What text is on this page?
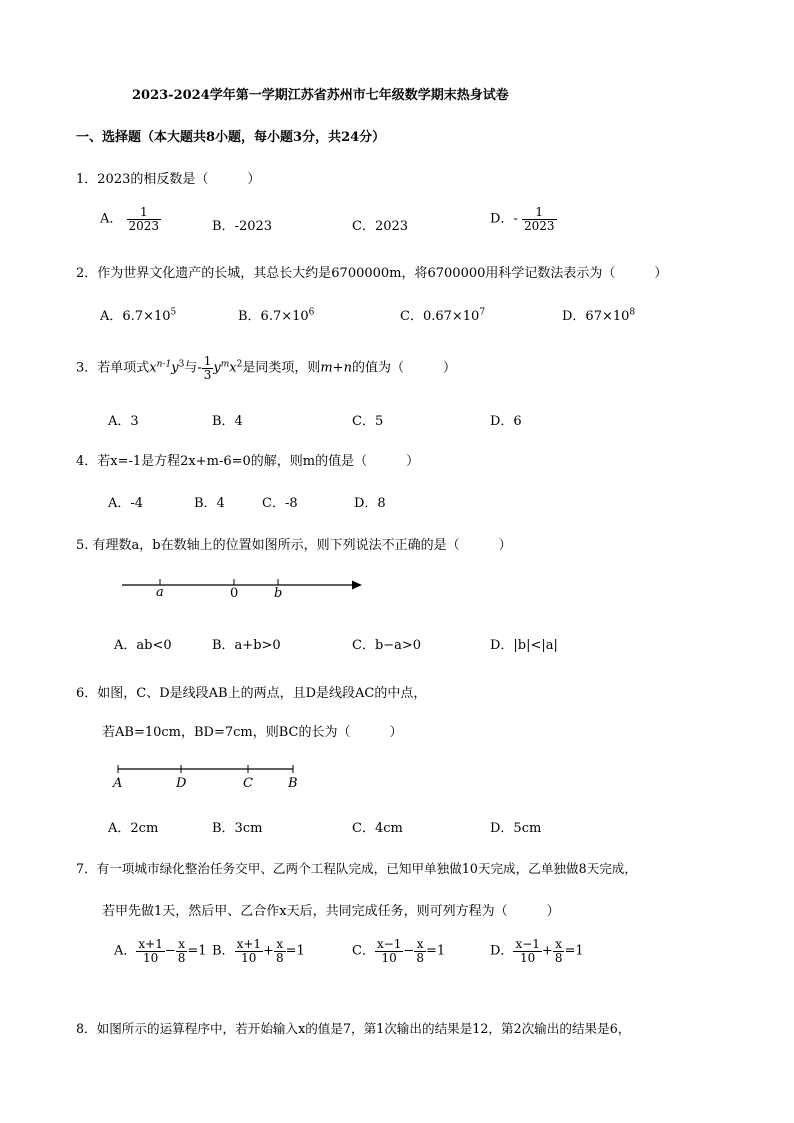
2023-2024学年第一学期江苏省苏州市七年级数学期末热身试卷
一、选择题（本大题共8小题，每小题3分，共24分）
1．2023的相反数是（　　　）
A． $\frac{1}{2023}$	B．-2023	C．2023	D．- $\frac{1}{2023}$
2．作为世界文化遗产的长城，其总长大约是6700000m，将6700000用科学记数法表示为（　　　）
A．$6.7\times 10^5$	B．$6.7\times 10^6$	C．$0.67\times 10^7$	D．$67\times 10^8$
3．若单项式$x^{n-1}y^3$与- $\frac{1}{3} y^mx^2$是同类项，则m+n的值为（　　　）
A．3	B．4	C．5	D．6
4．若x=-1是方程2x+m-6=0的解，则m的值是（　　　）
A．-4	B．4	C．-8	D．8
5. 有理数a，b在数轴上的位置如图所示，则下列说法不正确的是（　　　）
a	0	b
A．ab<0	B．a+b>0	C．b−a>0	D．|b|<|a|
6．如图，C、D是线段AB上的两点，且D是线段AC的中点，
若AB=10cm，BD=7cm，则BC的长为（　　　）
A	D	C	B
A．2cm	B．3cm	C．4cm	D．5cm
7．有一项城市绿化整治任务交甲、乙两个工程队完成，已知甲单独做10天完成，乙单独做8天完成，
若甲先做1天，然后甲、乙合作x天后，共同完成任务，则可列方程为（　　　）
A． $\frac{x+1}{10} - \frac{x}{8} =1$ B． $\frac{x+1}{10} + \frac{x}{8} =1$	C． $\frac{x-1}{10} - \frac{x}{8} =1$	D． $\frac{x-1}{10} + \frac{x}{8} =1$
8．如图所示的运算程序中，若开始输入x的值是7，第1次输出的结果是12，第2次输出的结果是6，
